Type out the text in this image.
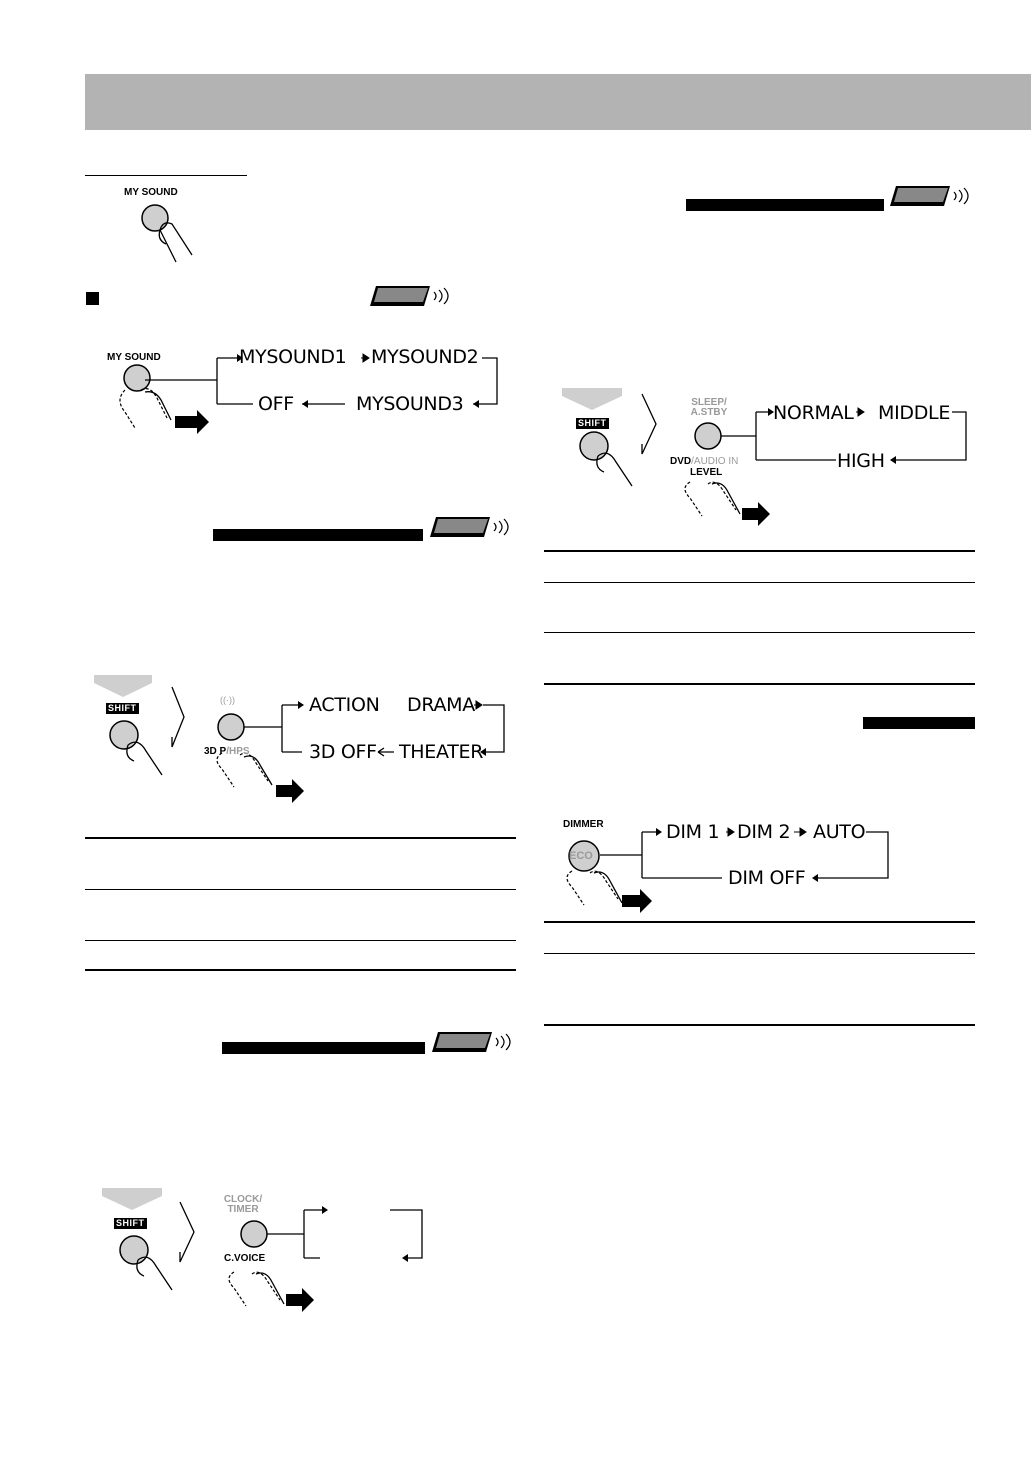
MY SOUND
MY SOUND	MYSOUND1 MYSOUND2
MYSOUND3
OFF
SHIFT
((·))
3D P/HPS
ACTION DRAMA
THEATER
3D OFF
SHIFT
CLOCK/
TIMER
C.VOICE
SHIFT
SLEEP/
A.STBY
DVD/AUDIO IN
LEVEL
NORMAL MIDDLE
HIGH
DIMMER
ECO
DIM 1 DIM 2 AUTO
DIM OFF
